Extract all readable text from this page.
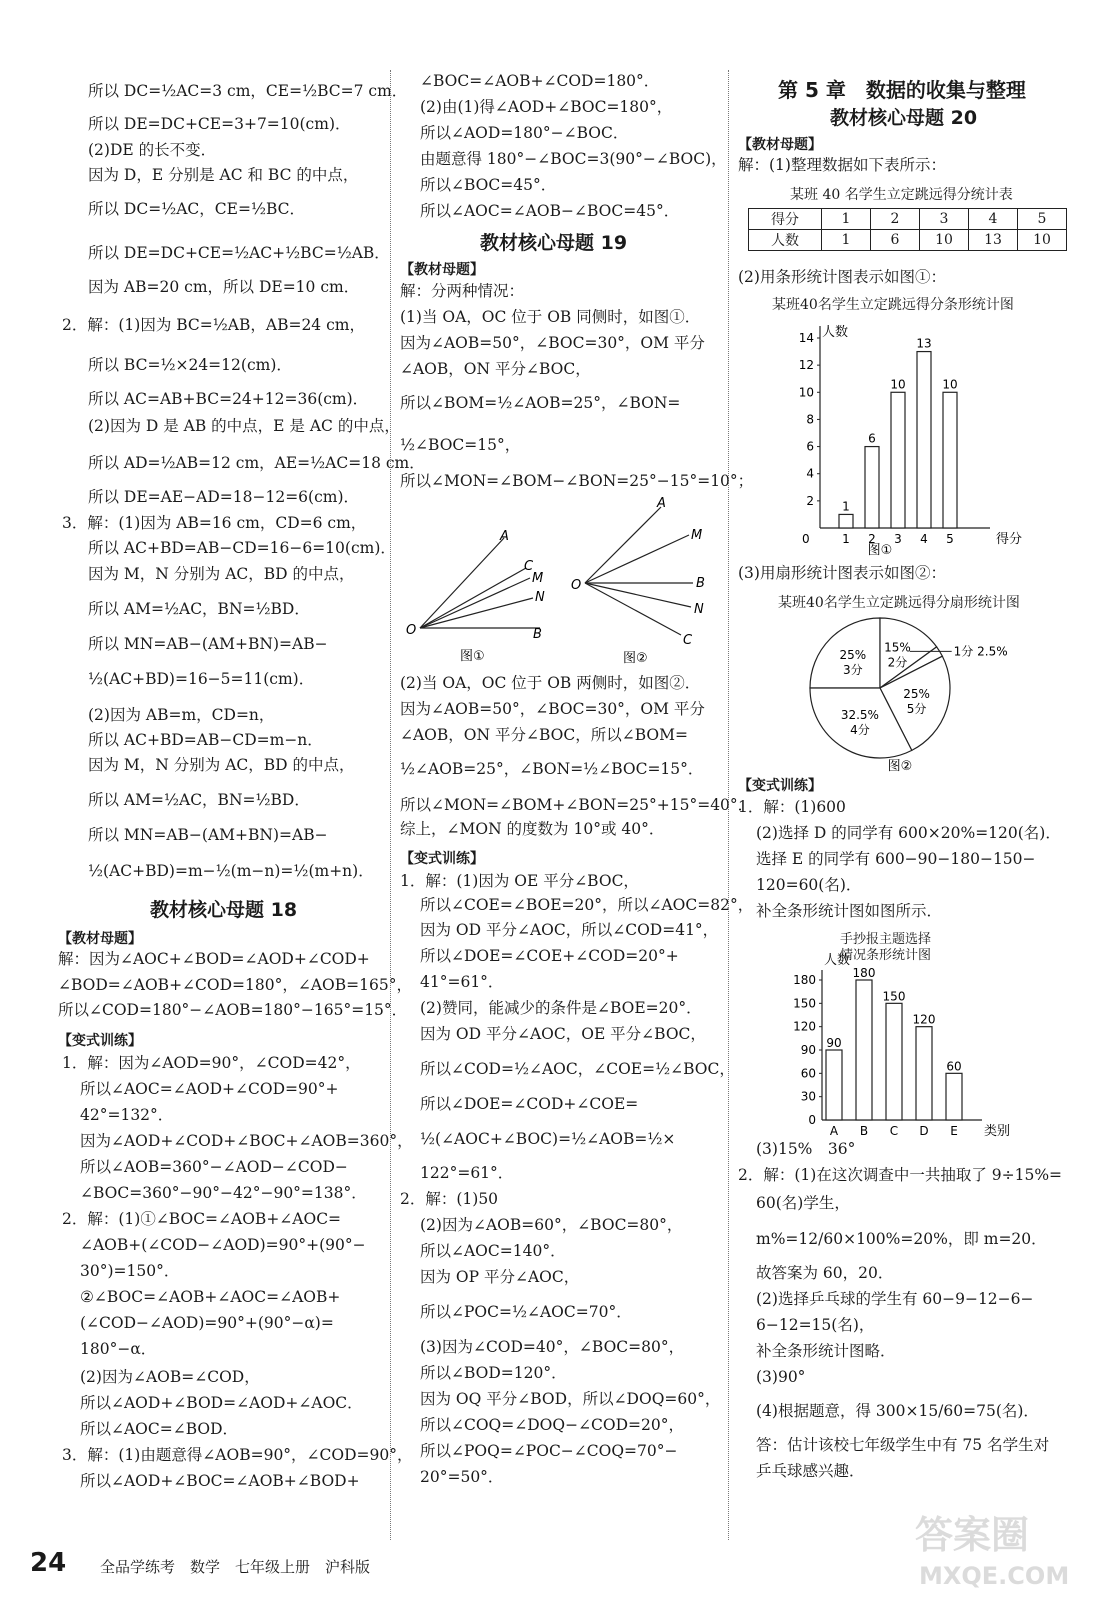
所以 DC=½AC=3 cm，CE=½BC=7 cm．
所以 DE=DC+CE=3+7=10(cm)．
(2)DE 的长不变．
因为 D，E 分别是 AC 和 BC 的中点，
所以 DC=½AC，CE=½BC．
所以 DE=DC+CE=½AC+½BC=½AB．
因为 AB=20 cm，所以 DE=10 cm．
2．解：(1)因为 BC=½AB，AB=24 cm，
所以 BC=½×24=12(cm)．
所以 AC=AB+BC=24+12=36(cm)．
(2)因为 D 是 AB 的中点，E 是 AC 的中点，
所以 AD=½AB=12 cm，AE=½AC=18 cm．
所以 DE=AE−AD=18−12=6(cm)．
3．解：(1)因为 AB=16 cm，CD=6 cm，
所以 AC+BD=AB−CD=16−6=10(cm)．
因为 M，N 分别为 AC，BD 的中点，
所以 AM=½AC，BN=½BD．
所以 MN=AB−(AM+BN)=AB−
½(AC+BD)=16−5=11(cm)．
(2)因为 AB=m，CD=n，
所以 AC+BD=AB−CD=m−n．
因为 M，N 分别为 AC，BD 的中点，
所以 AM=½AC，BN=½BD．
所以 MN=AB−(AM+BN)=AB−
½(AC+BD)=m−½(m−n)=½(m+n)．
教材核心母题 18
【教材母题】
解：因为∠AOC+∠BOD=∠AOD+∠COD+
∠BOD=∠AOB+∠COD=180°，∠AOB=165°，
所以∠COD=180°−∠AOB=180°−165°=15°．
【变式训练】
1．解：因为∠AOD=90°，∠COD=42°，
所以∠AOC=∠AOD+∠COD=90°+
42°=132°．
因为∠AOD+∠COD+∠BOC+∠AOB=360°，
所以∠AOB=360°−∠AOD−∠COD−
∠BOC=360°−90°−42°−90°=138°．
2．解：(1)①∠BOC=∠AOB+∠AOC=
∠AOB+(∠COD−∠AOD)=90°+(90°−
30°)=150°．
②∠BOC=∠AOB+∠AOC=∠AOB+
(∠COD−∠AOD)=90°+(90°−α)=
180°−α．
(2)因为∠AOB=∠COD，
所以∠AOD+∠BOD=∠AOD+∠AOC．
所以∠AOC=∠BOD．
3．解：(1)由题意得∠AOB=90°，∠COD=90°，
所以∠AOD+∠BOC=∠AOB+∠BOD+
∠BOC=∠AOB+∠COD=180°．
(2)由(1)得∠AOD+∠BOC=180°，
所以∠AOD=180°−∠BOC．
由题意得 180°−∠BOC=3(90°−∠BOC)，
所以∠BOC=45°．
所以∠AOC=∠AOB−∠BOC=45°．
教材核心母题 19
【教材母题】
解：分两种情况：
(1)当 OA，OC 位于 OB 同侧时，如图①．
因为∠AOB=50°，∠BOC=30°，OM 平分
∠AOB，ON 平分∠BOC，
所以∠BOM=½∠AOB=25°，∠BON=
½∠BOC=15°，
所以∠MON=∠BOM−∠BON=25°−15°=10°；
A
C
M
N
O	B
图①
A
M
O	B
N
C
图②
(2)当 OA，OC 位于 OB 两侧时，如图②．
因为∠AOB=50°，∠BOC=30°，OM 平分
∠AOB，ON 平分∠BOC，所以∠BOM=
½∠AOB=25°，∠BON=½∠BOC=15°．
所以∠MON=∠BOM+∠BON=25°+15°=40°．
综上，∠MON 的度数为 10°或 40°．
【变式训练】
1．解：(1)因为 OE 平分∠BOC，
所以∠COE=∠BOE=20°，所以∠AOC=82°，
因为 OD 平分∠AOC，所以∠COD=41°，
所以∠DOE=∠COE+∠COD=20°+
41°=61°．
(2)赞同，能减少的条件是∠BOE=20°．
因为 OD 平分∠AOC，OE 平分∠BOC，
所以∠COD=½∠AOC，∠COE=½∠BOC，
所以∠DOE=∠COD+∠COE=
½(∠AOC+∠BOC)=½∠AOB=½×
122°=61°．
2．解：(1)50
(2)因为∠AOB=60°，∠BOC=80°，
所以∠AOC=140°．
因为 OP 平分∠AOC，
所以∠POC=½∠AOC=70°．
(3)因为∠COD=40°，∠BOC=80°，
所以∠BOD=120°．
因为 OQ 平分∠BOD，所以∠DOQ=60°，
所以∠COQ=∠DOQ−∠COD=20°，
所以∠POQ=∠POC−∠COQ=70°−
20°=50°．
第 5 章　数据的收集与整理
教材核心母题 20
【教材母题】
解：(1)整理数据如下表所示：
某班 40 名学生立定跳远得分统计表
得分	1	2	3	4	5
人数	1	6	10	13	10
(2)用条形统计图表示如图①：
某班40名学生立定跳远得分条形统计图
人数
得分
0
2
4
6
8
10
12
14
1
1
6
2
10
3
13
4
10
5
图①
(3)用扇形统计图表示如图②：
某班40名学生立定跳远得分扇形统计图
25%
3分
15%
2分
1分 2.5%
25%
5分
32.5%
4分
图②
【变式训练】
1．解：(1)600
(2)选择 D 的同学有 600×20%=120(名)．
选择 E 的同学有 600−90−180−150−
120=60(名)．
补全条形统计图如图所示．
手抄报主题选择
情况条形统计图
人数
类别
0
30
60
90
120
150
180
90
A
180
B
150
C
120
D
60
E
(3)15%　36°
2．解：(1)在这次调查中一共抽取了 9÷15%=
60(名)学生，
m%=12/60×100%=20%，即 m=20．
故答案为 60，20．
(2)选择乒乓球的学生有 60−9−12−6−
6−12=15(名)，
补全条形统计图略．
(3)90°
(4)根据题意，得 300×15/60=75(名)．
答：估计该校七年级学生中有 75 名学生对
乒乓球感兴趣．
24 全品学练考　数学　七年级上册　沪科版
答案圈
MXQE.COM
